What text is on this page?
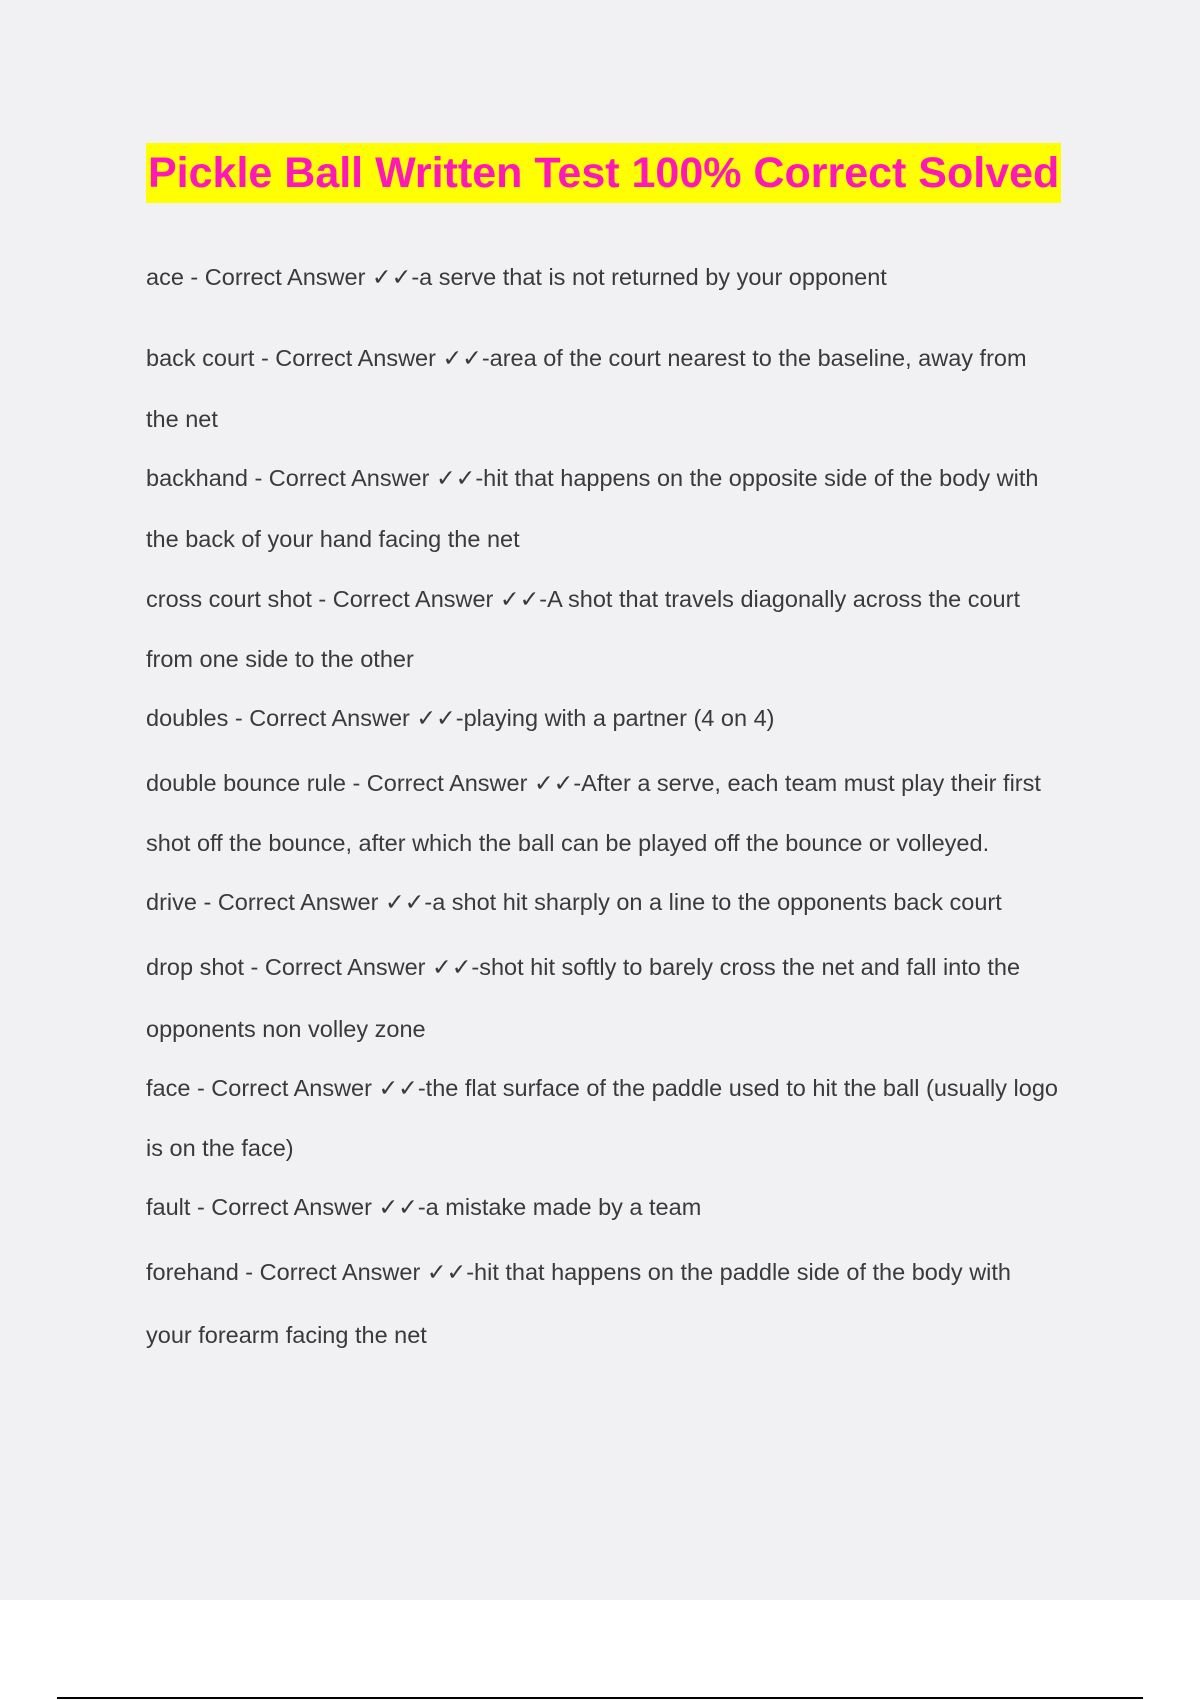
Pickle Ball Written Test 100% Correct Solved
ace - Correct Answer ✓✓-a serve that is not returned by your opponent
back court - Correct Answer ✓✓-area of the court nearest to the baseline, away from
the net
backhand - Correct Answer ✓✓-hit that happens on the opposite side of the body with
the back of your hand facing the net
cross court shot - Correct Answer ✓✓-A shot that travels diagonally across the court
from one side to the other
doubles - Correct Answer ✓✓-playing with a partner (4 on 4)
double bounce rule - Correct Answer ✓✓-After a serve, each team must play their first
shot off the bounce, after which the ball can be played off the bounce or volleyed.
drive - Correct Answer ✓✓-a shot hit sharply on a line to the opponents back court
drop shot - Correct Answer ✓✓-shot hit softly to barely cross the net and fall into the
opponents non volley zone
face - Correct Answer ✓✓-the flat surface of the paddle used to hit the ball (usually logo
is on the face)
fault - Correct Answer ✓✓-a mistake made by a team
forehand - Correct Answer ✓✓-hit that happens on the paddle side of the body with
your forearm facing the net
